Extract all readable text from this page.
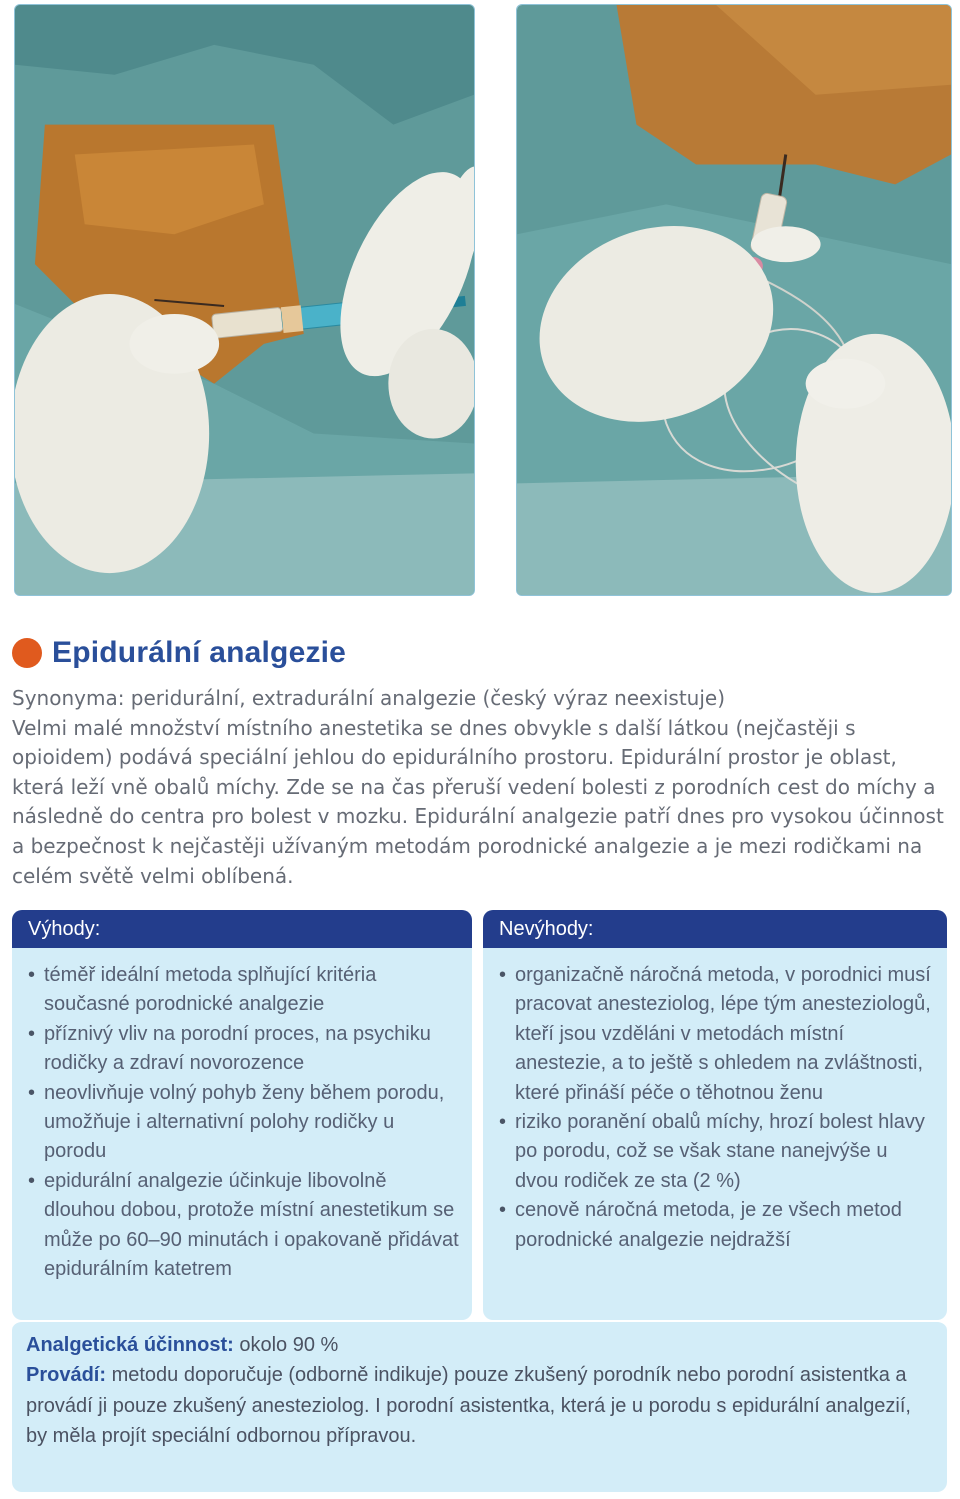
Epidurální analgezie

Synonyma: peridurální, extradurální analgezie (český výraz neexistuje)

Velmi malé množství místního anestetika se dnes obvykle s další látkou (nejčastěji s opioidem) podává speciální jehlou do epidurálního prostoru. Epidurální prostor je oblast, která leží vně obalů míchy. Zde se na čas přeruší vedení bolesti z porodních cest do míchy a následně do centra pro bolest v mozku. Epidurální analgezie patří dnes pro vysokou účinnost a bezpečnost k nejčastěji užívaným metodám porodnické analgezie a je mezi rodičkami na celém světě velmi oblíbená.

Výhody:
• téměř ideální metoda splňující kritéria současné porodnické analgezie
• příznivý vliv na porodní proces, na psychiku rodičky a zdraví novorozence
• neovlivňuje volný pohyb ženy během porodu, umožňuje i alternativní polohy rodičky u porodu
• epidurální analgezie účinkuje libovolně dlouhou dobou, protože místní anestetikum se může po 60–90 minutách i opakovaně přidávat epidurálním katetrem
Nevýhody:
• organizačně náročná metoda, v porodnici musí pracovat anesteziolog, lépe tým anesteziologů, kteří jsou vzděláni v metodách místní anestezie, a to ještě s ohledem na zvláštnosti, které přináší péče o těhotnou ženu
• riziko poranění obalů míchy, hrozí bolest hlavy po porodu, což se však stane nanejvýše u dvou rodiček ze sta (2 %)
• cenově náročná metoda, je ze všech metod porodnické analgezie nejdražší

Analgetická účinnost: okolo 90 %

Provádí: metodu doporučuje (odborně indikuje) pouze zkušený porodník nebo porodní asistentka a provádí ji pouze zkušený anesteziolog. I porodní asistentka, která je u porodu s epidurální analgezií, by měla projít speciální odbornou přípravou.
